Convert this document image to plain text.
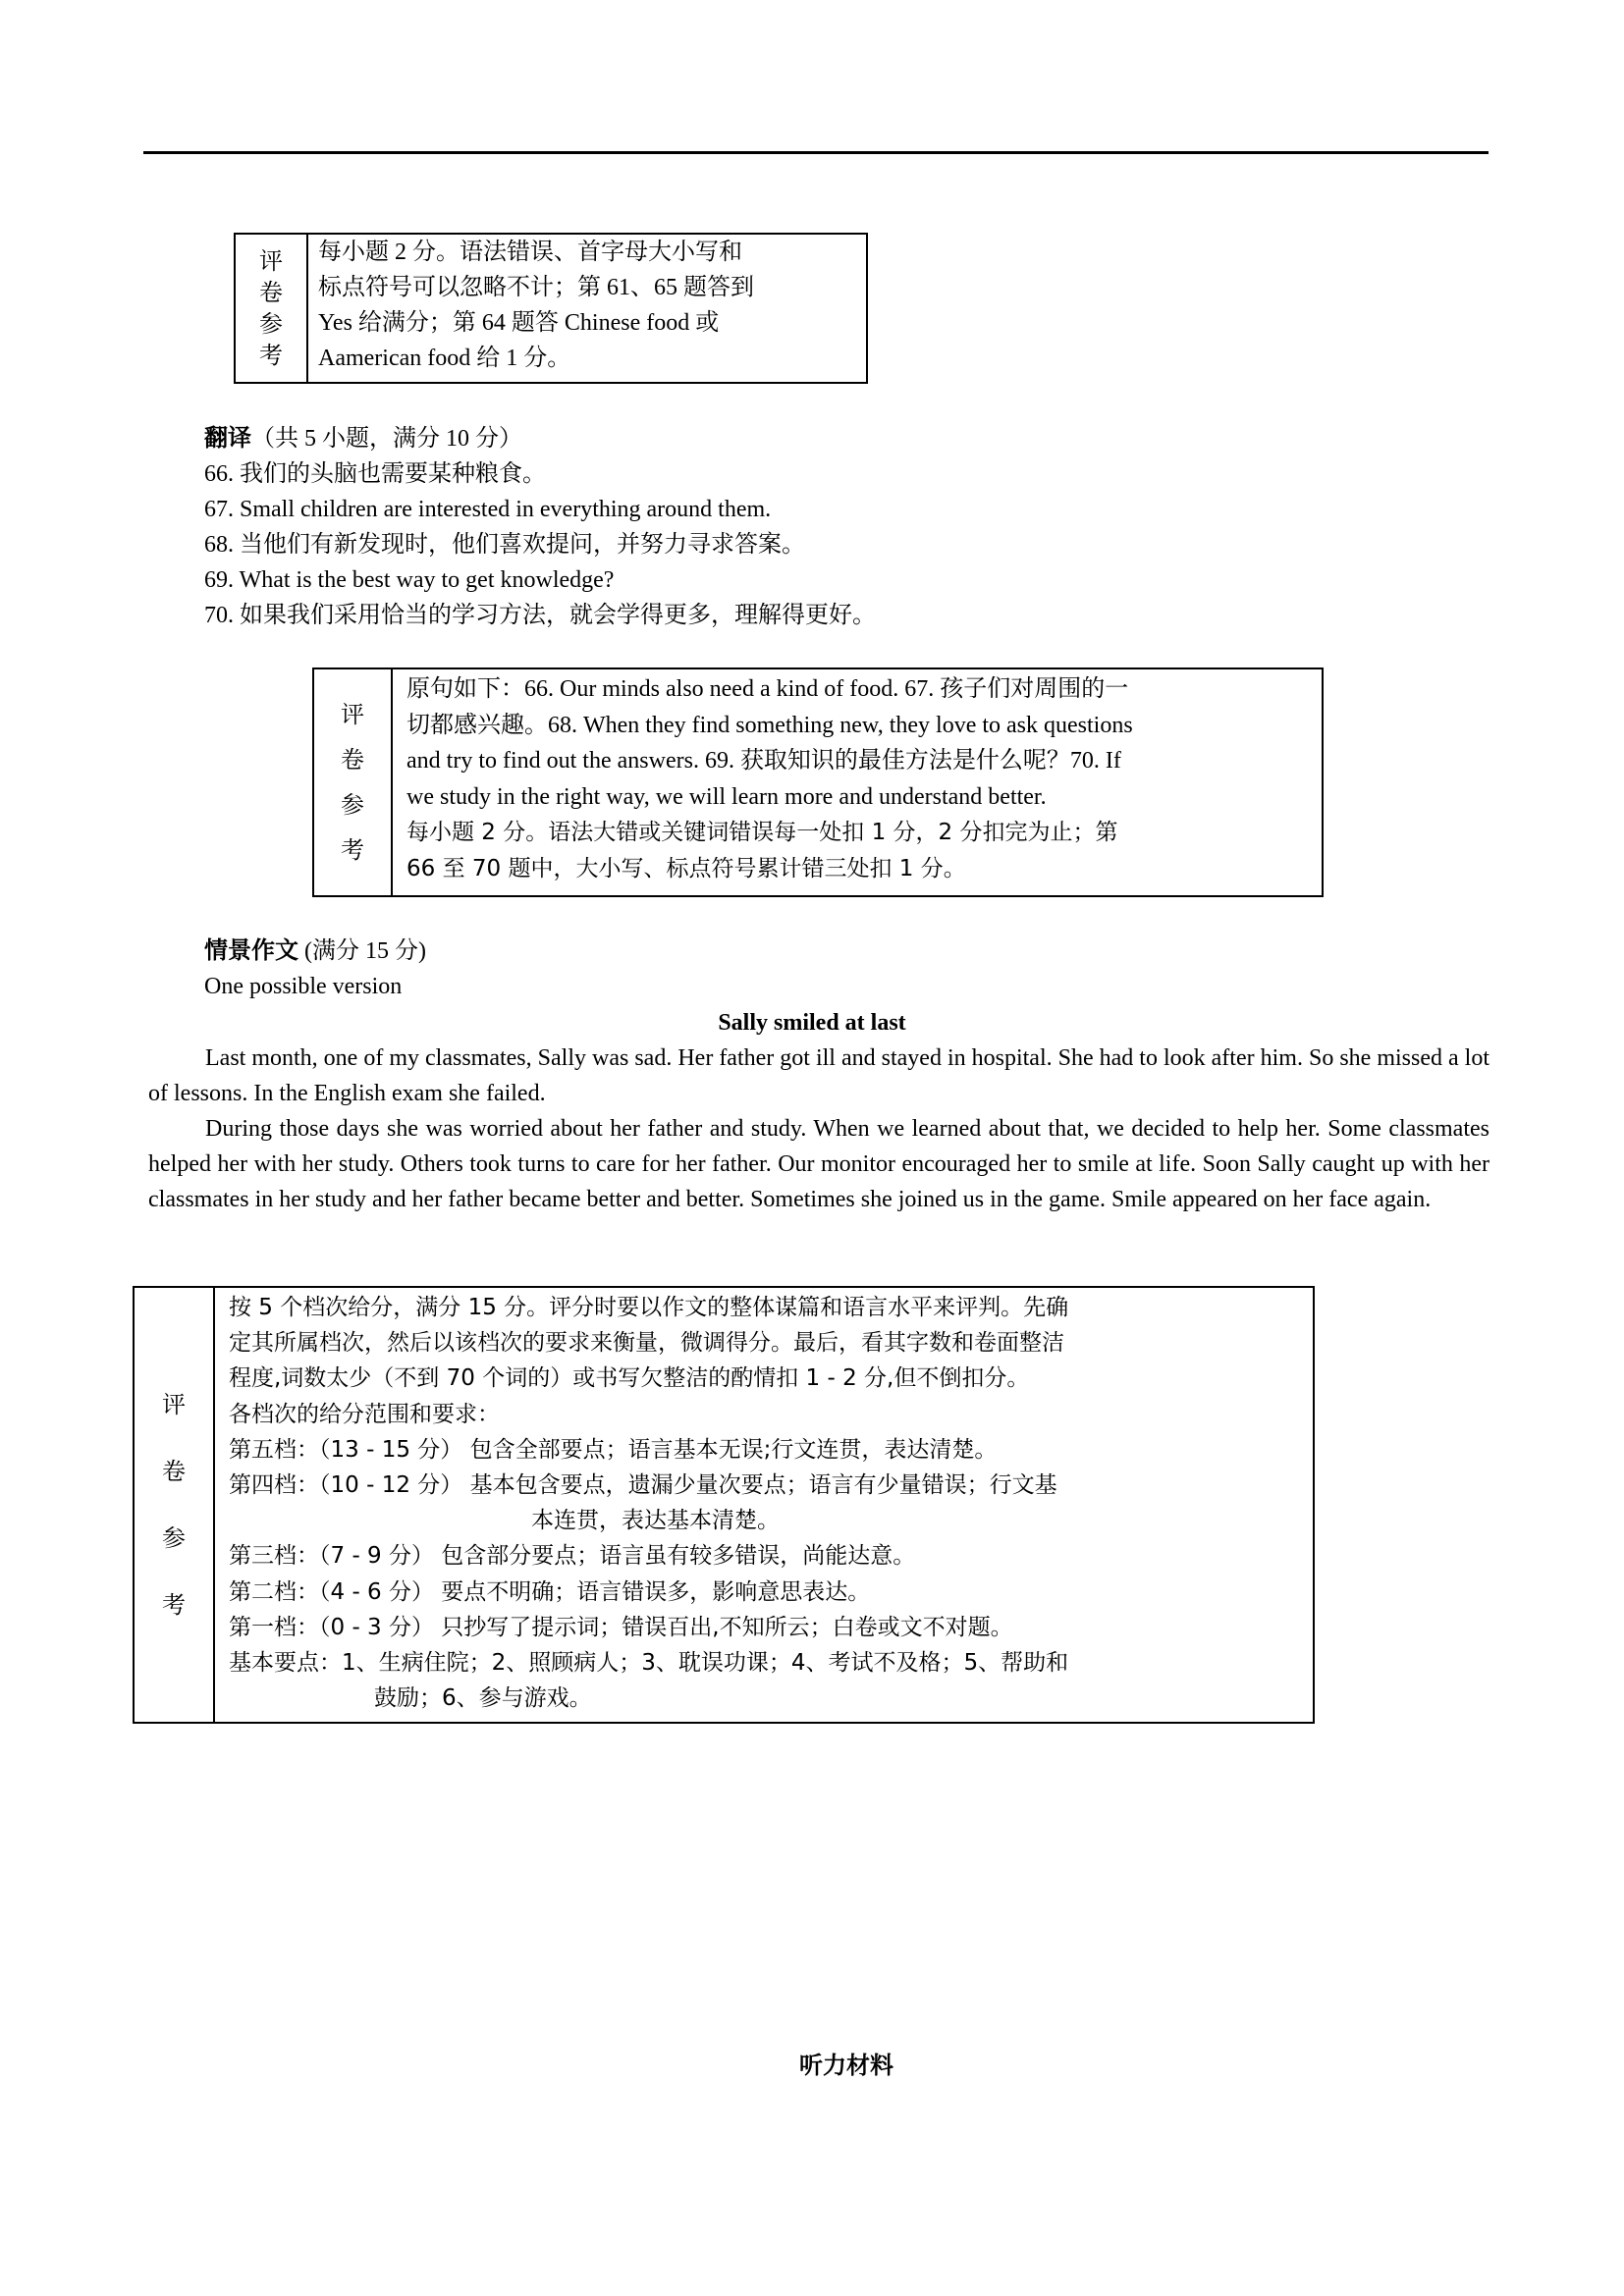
评
卷
参
考
每小题 2 分。语法错误、首字母大小写和
标点符号可以忽略不计；第 61、65 题答到
Yes 给满分；第 64 题答 Chinese food 或
Aamerican food 给 1 分。
翻译（共 5 小题，满分 10 分）
66. 我们的头脑也需要某种粮食。
67. Small children are interested in everything around them.
68. 当他们有新发现时，他们喜欢提问，并努力寻求答案。
69. What is the best way to get knowledge?
70. 如果我们采用恰当的学习方法，就会学得更多，理解得更好。
评
卷
参
考
原句如下：66. Our minds also need a kind of food. 67. 孩子们对周围的一
切都感兴趣。68. When they find something new, they love to ask questions
and try to find out the answers. 69. 获取知识的最佳方法是什么呢？70. If
we study in the right way, we will learn more and understand better.
每小题 2 分。语法大错或关键词错误每一处扣 1 分，2 分扣完为止；第
66 至 70 题中，大小写、标点符号累计错三处扣 1 分。
情景作文 (满分 15 分)
One possible version
Sally smiled at last

Last month, one of my classmates, Sally was sad. Her father got ill and stayed in hospital. She had to look after him. So she missed a lot of lessons. In the English exam she failed.

During those days she was worried about her father and study. When we learned about that, we decided to help her. Some classmates helped her with her study. Others took turns to care for her father. Our monitor encouraged her to smile at life. Soon Sally caught up with her classmates in her study and her father became better and better. Sometimes she joined us in the game. Smile appeared on her face again.

评
卷
参
考
按 5 个档次给分，满分 15 分。评分时要以作文的整体谋篇和语言水平来评判。先确
定其所属档次，然后以该档次的要求来衡量，微调得分。最后，看其字数和卷面整洁
程度,词数太少（不到 70 个词的）或书写欠整洁的酌情扣 1 - 2 分,但不倒扣分。
各档次的给分范围和要求：
第五档：（13 - 15 分） 包含全部要点；语言基本无误;行文连贯，表达清楚。
第四档：（10 - 12 分） 基本包含要点，遗漏少量次要点；语言有少量错误；行文基
本连贯，表达基本清楚。
第三档：（7 - 9 分） 包含部分要点；语言虽有较多错误，尚能达意。
第二档：（4 - 6 分） 要点不明确；语言错误多，影响意思表达。
第一档：（0 - 3 分） 只抄写了提示词；错误百出,不知所云；白卷或文不对题。
基本要点：1、生病住院；2、照顾病人；3、耽误功课；4、考试不及格；5、帮助和
鼓励；6、参与游戏。
听力材料
